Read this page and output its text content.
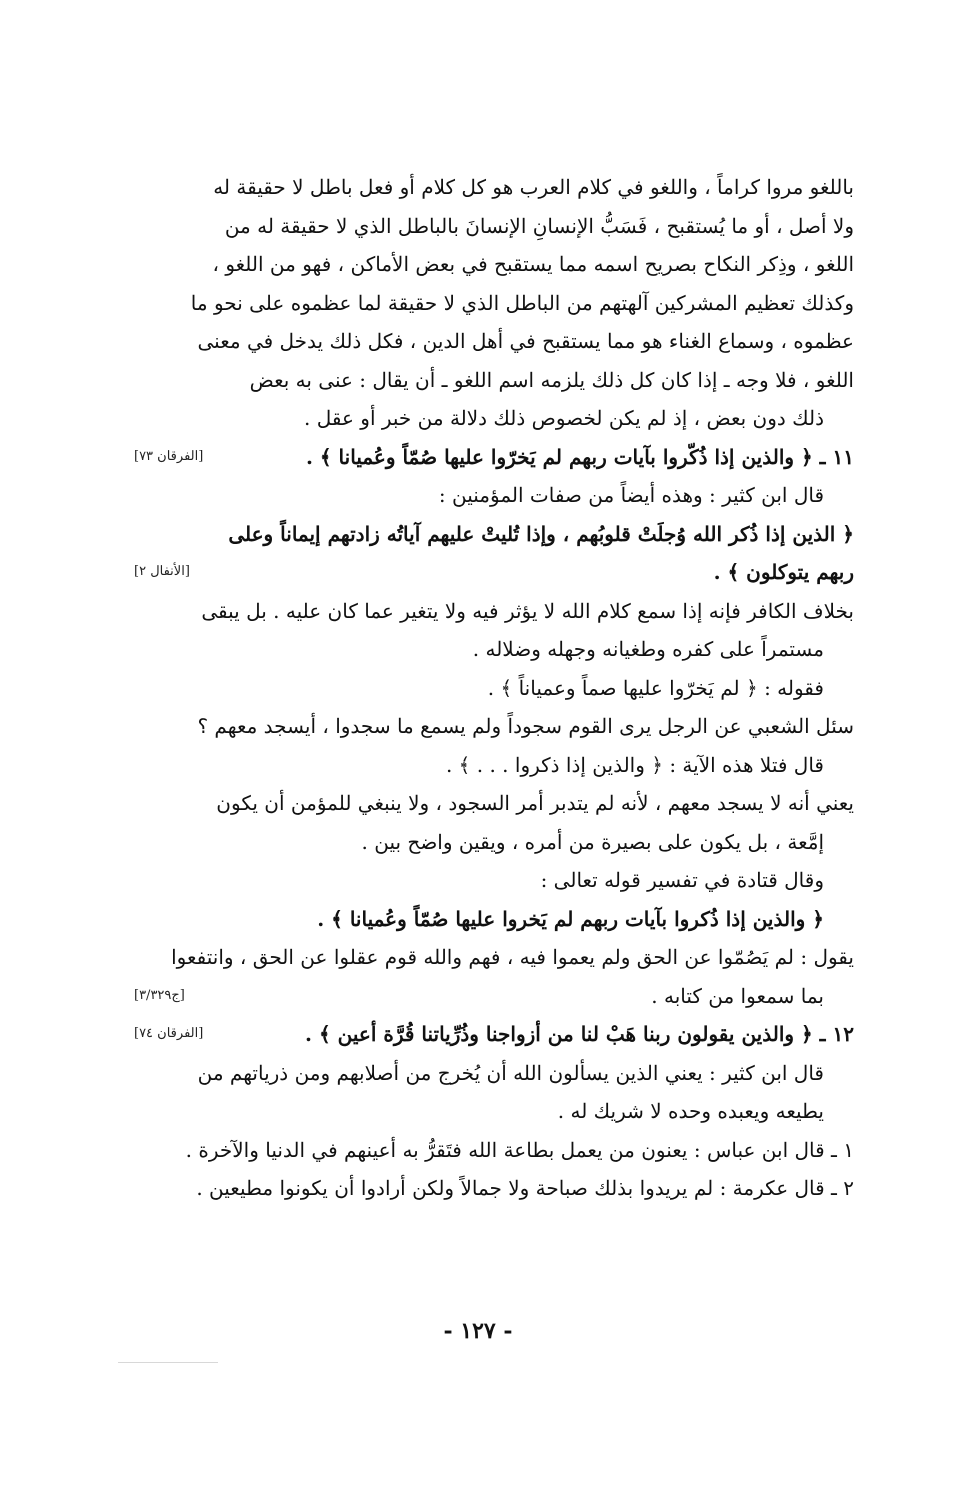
باللغو مروا كراماً ، واللغو في كلام العرب هو كل كلام أو فعل باطل لا حقيقة له
ولا أصل ، أو ما يُستقبح ، فَسَبُّ الإنسانِ الإنسانَ بالباطل الذي لا حقيقة له من
اللغو ، وذِكر النكاح بصريح اسمه مما يستقبح في بعض الأماكن ، فهو من اللغو ،
وكذلك تعظيم المشركين آلهتهم من الباطل الذي لا حقيقة لما عظموه على نحو ما
عظموه ، وسماع الغناء هو مما يستقبح في أهل الدين ، فكل ذلك يدخل في معنى
اللغو ، فلا وجه ـ إذا كان كل ذلك يلزمه اسم اللغو ـ أن يقال : عنى به بعض
ذلك دون بعض ، إذ لم يكن لخصوص ذلك دلالة من خبر أو عقل .
١١ ـ ﴿ والذين إذا ذُكّروا بآيات ربهم لم يَخرّوا عليها صُمّاً وعُميانا ﴾ .
[الفرقان ٧٣]
قال ابن كثير : وهذه أيضاً من صفات المؤمنين :
﴿ الذين إذا ذُكر الله وُجلَتْ قلوبُهم ، وإذا تُليتْ عليهم آياتُه زادتهم إيماناً وعلى
ربهم يتوكلون ﴾ .
[الأنفال ٢]
بخلاف الكافر فإنه إذا سمع كلام الله لا يؤثر فيه ولا يتغير عما كان عليه . بل يبقى
مستمراً على كفره وطغيانه وجهله وضلاله .
فقوله : ﴿ لم يَخرّوا عليها صماً وعمياناً ﴾ .
سئل الشعبي عن الرجل يرى القوم سجوداً ولم يسمع ما سجدوا ، أيسجد معهم ؟
قال فتلا هذه الآية : ﴿ والذين إذا ذكروا . . . ﴾ .
يعني أنه لا يسجد معهم ، لأنه لم يتدبر أمر السجود ، ولا ينبغي للمؤمن أن يكون
إمَّعة ، بل يكون على بصيرة من أمره ، ويقين واضح بين .
وقال قتادة في تفسير قوله تعالى :
﴿ والذين إذا ذُكروا بآيات ربهم لم يَخروا عليها صُمّاً وعُميانا ﴾ .
يقول : لم يَصُمّوا عن الحق ولم يعموا فيه ، فهم والله قوم عقلوا عن الحق ، وانتفعوا
بما سمعوا من كتابه .
[ج٣/٣٢٩]
١٢ ـ ﴿ والذين يقولون ربنا هَبْ لنا من أزواجنا وذُرِّياتنا قُرَّة أعين ﴾ .
[الفرقان ٧٤]
قال ابن كثير : يعني الذين يسألون الله أن يُخرج من أصلابهم ومن ذرياتهم من
يطيعه ويعبده وحده لا شريك له .
١ ـ قال ابن عباس : يعنون من يعمل بطاعة الله فتَقرُّ به أعينهم في الدنيا والآخرة .
٢ ـ قال عكرمة : لم يريدوا بذلك صباحة ولا جمالاً ولكن أرادوا أن يكونوا مطيعين .
- ١٢٧ -
